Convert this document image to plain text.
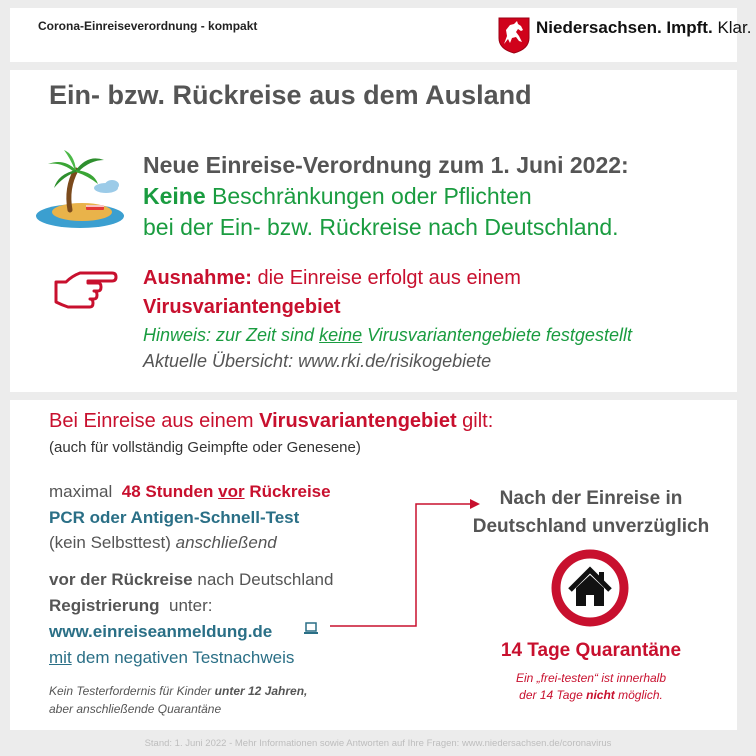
Corona-Einreiseverordnung - kompakt	Niedersachsen. Impft. Klar.
Ein- bzw. Rückreise aus dem Ausland
Neue Einreise-Verordnung zum 1. Juni 2022:
Keine Beschränkungen oder Pflichten
bei der Ein- bzw. Rückreise nach Deutschland.
Ausnahme: die Einreise erfolgt aus einem
Virusvariantengebiet
Hinweis: zur Zeit sind keine Virusvariantengebiete festgestellt
Aktuelle Übersicht: www.rki.de/risikogebiete
Bei Einreise aus einem Virusvariantengebiet gilt:
(auch für vollständig Geimpfte oder Genesene)
maximal 48 Stunden vor Rückreise
PCR oder Antigen-Schnell-Test
(kein Selbsttest) anschließend
vor der Rückreise nach Deutschland
Registrierung unter:
www.einreiseanmeldung.de
mit dem negativen Testnachweis
Kein Testerfordernis für Kinder unter 12 Jahren,
aber anschließende Quarantäne
Nach der Einreise in
Deutschland unverzüglich
14 Tage Quarantäne
Ein „frei-testen“ ist innerhalb
der 14 Tage nicht möglich.
Stand: 1. Juni 2022 - Mehr Informationen sowie Antworten auf Ihre Fragen: www.niedersachsen.de/coronavirus
